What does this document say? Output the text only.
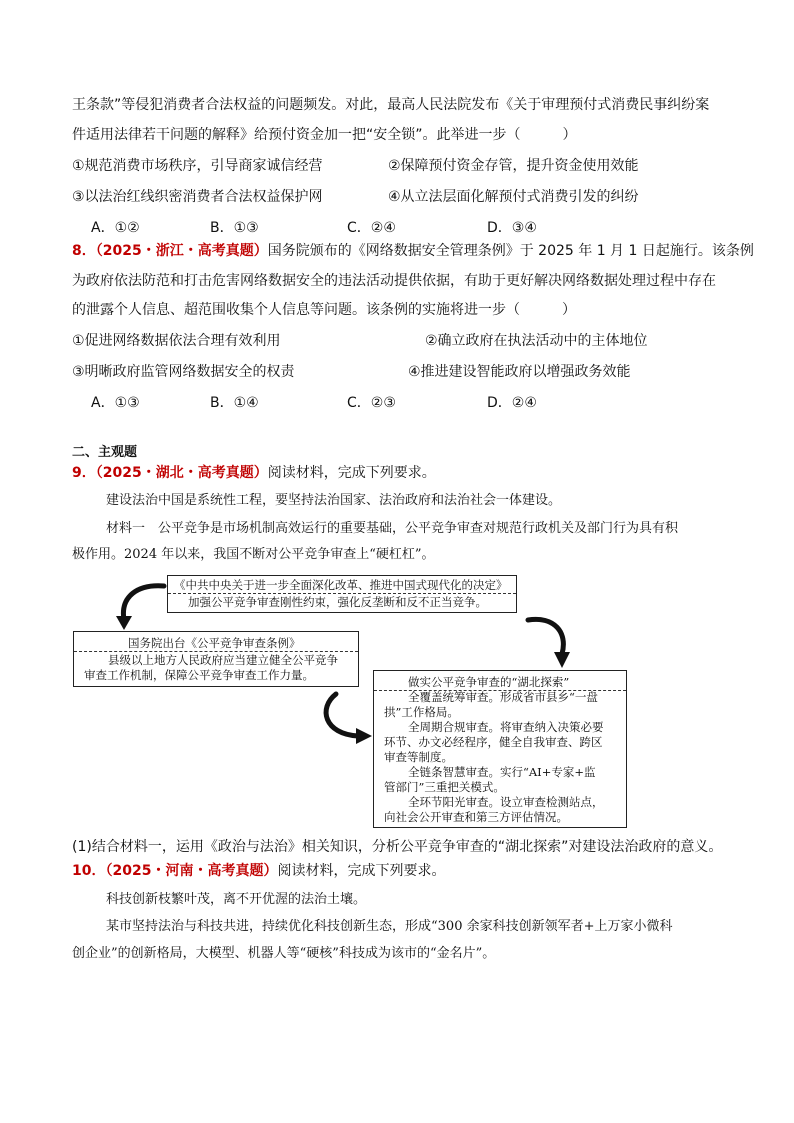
王条款”等侵犯消费者合法权益的问题频发。对此，最高人民法院发布《关于审理预付式消费民事纠纷案
件适用法律若干问题的解释》给预付资金加一把“安全锁”。此举进一步（　　　）
①规范消费市场秩序，引导商家诚信经营	②保障预付资金存管，提升资金使用效能
③以法治红线织密消费者合法权益保护网	④从立法层面化解预付式消费引发的纠纷
A．①②	B．①③	C．②④	D．③④
8．（2025・浙江・高考真题）国务院颁布的《网络数据安全管理条例》于 2025 年 1 月 1 日起施行。该条例
为政府依法防范和打击危害网络数据安全的违法活动提供依据，有助于更好解决网络数据处理过程中存在
的泄露个人信息、超范围收集个人信息等问题。该条例的实施将进一步（　　　）
①促进网络数据依法合理有效利用	②确立政府在执法活动中的主体地位
③明晰政府监管网络数据安全的权责	④推进建设智能政府以增强政务效能
A．①③	B．①④	C．②③	D．②④
二、主观题
9．（2025・湖北・高考真题）阅读材料，完成下列要求。
建设法治中国是系统性工程，要坚持法治国家、法治政府和法治社会一体建设。
材料一　公平竞争是市场机制高效运行的重要基础，公平竞争审查对规范行政机关及部门行为具有积
极作用。2024 年以来，我国不断对公平竞争审查上“硬杠杠”。
《中共中央关于进一步全面深化改革、推进中国式现代化的决定》
加强公平竞争审查刚性约束，强化反垄断和反不正当竞争。
国务院出台《公平竞争审查条例》
县级以上地方人民政府应当建立健全公平竞争
审查工作机制，保障公平竞争审查工作力量。	做实公平竞争审查的“湖北探索”
全覆盖统筹审查。形成省市县乡“一盘
拱”工作格局。
全周期合规审查。将审查纳入决策必要
环节、办文必经程序，健全自我审查、跨区
审查等制度。
全链条智慧审查。实行“AI+专家+监
管部门”三重把关模式。
全环节阳光审查。设立审查检测站点，
向社会公开审查和第三方评估情况。
(1)结合材料一，运用《政治与法治》相关知识，分析公平竞争审查的“湖北探索”对建设法治政府的意义。
10．（2025・河南・高考真题）阅读材料，完成下列要求。
科技创新枝繁叶茂，离不开优渥的法治土壤。
某市坚持法治与科技共进，持续优化科技创新生态，形成“300 余家科技创新领军者+上万家小微科
创企业”的创新格局，大模型、机器人等“硬核”科技成为该市的“金名片”。
